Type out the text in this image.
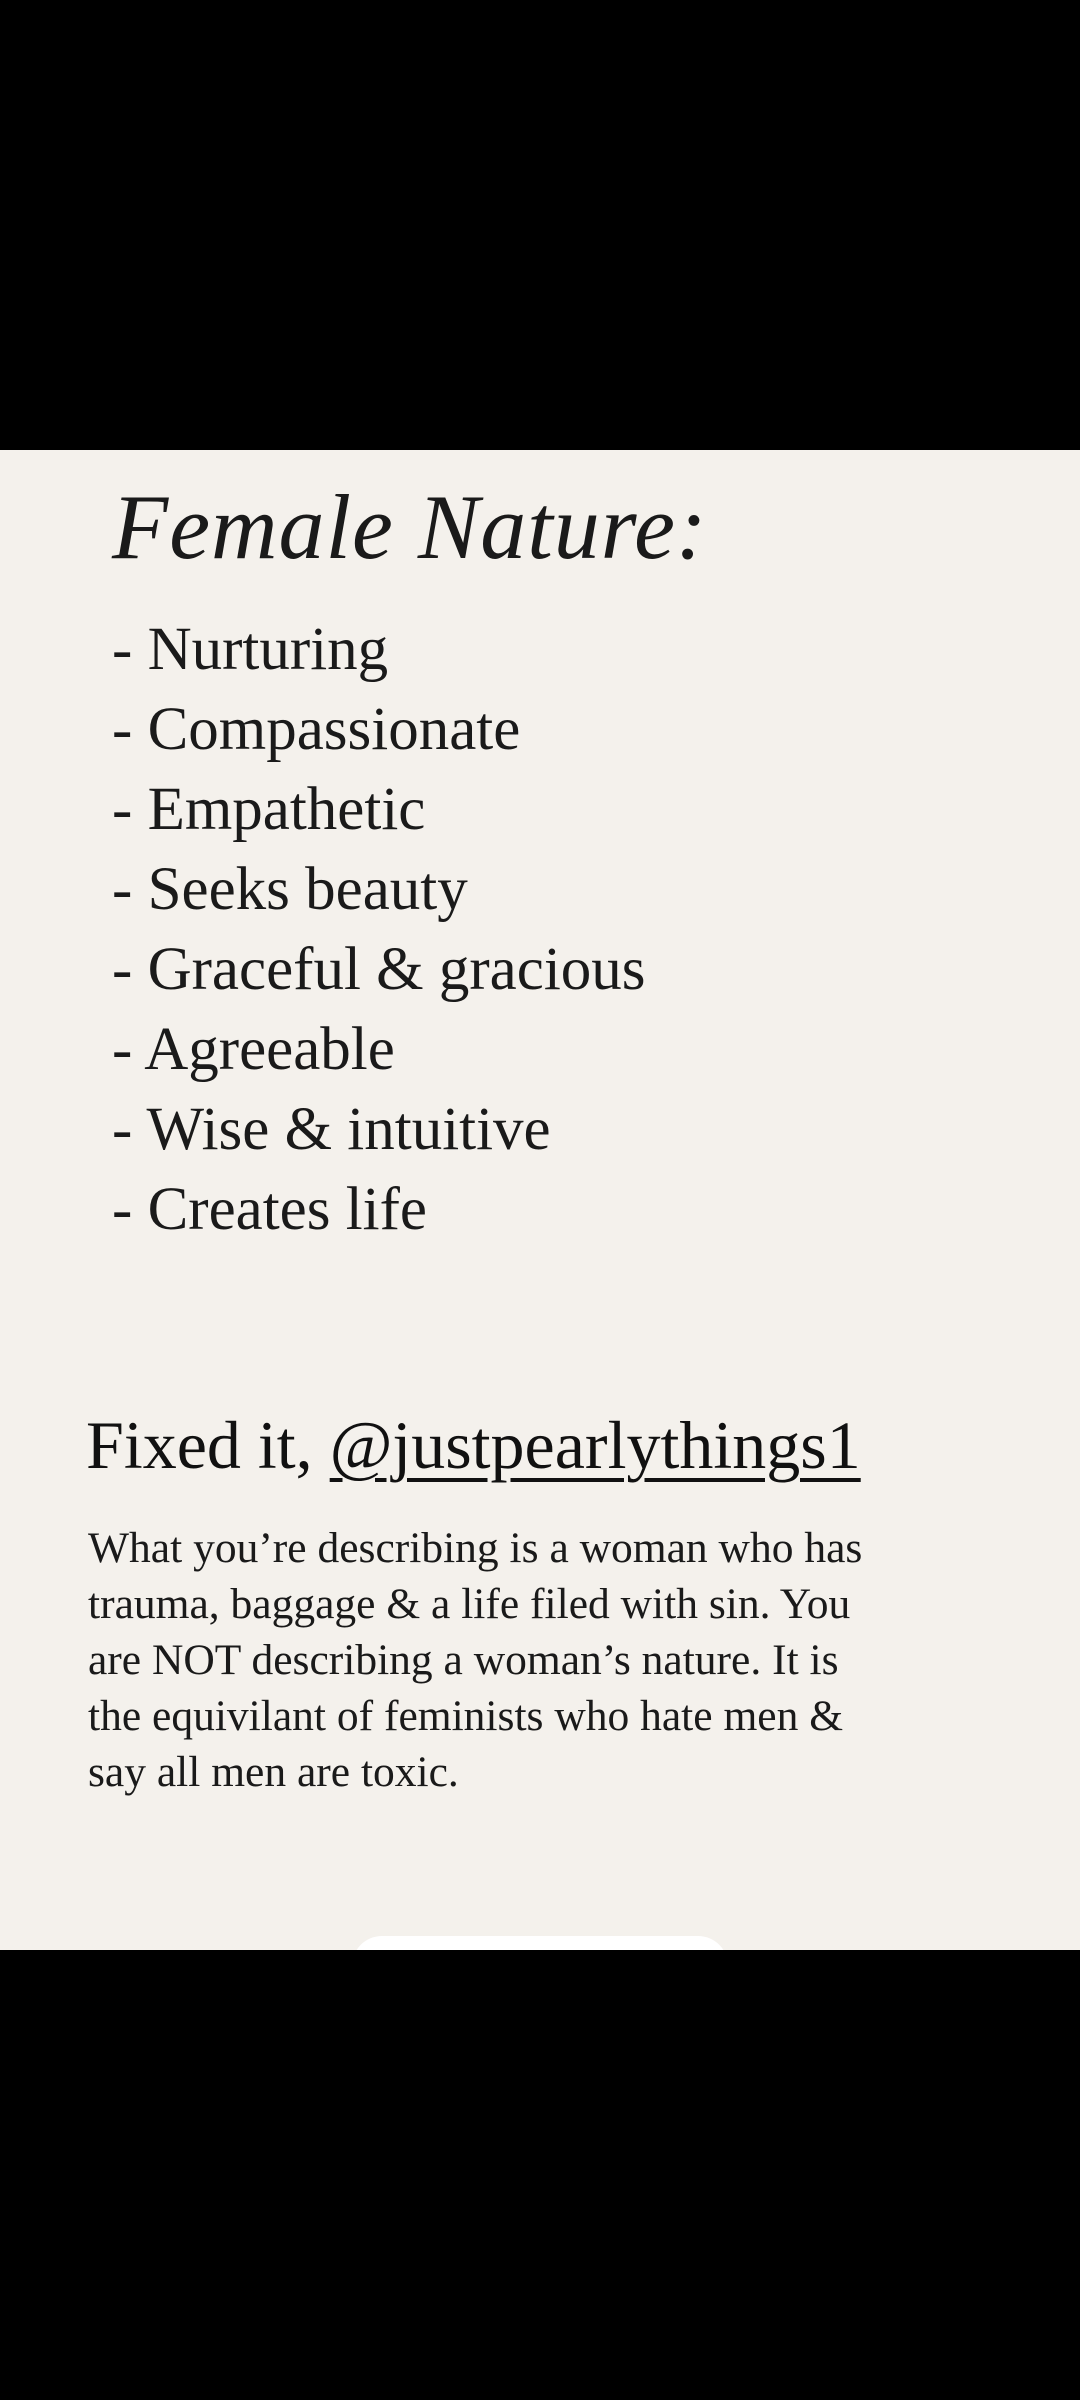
Female Nature:
- Nurturing
- Compassionate
- Empathetic
- Seeks beauty
- Graceful & gracious
- Agreeable
- Wise & intuitive
- Creates life
Fixed it, @justpearlythings1

What you’re describing is a woman who has
trauma, baggage & a life filed with sin. You
are NOT describing a woman’s nature. It is
the equivilant of feminists who hate men &
say all men are toxic.
